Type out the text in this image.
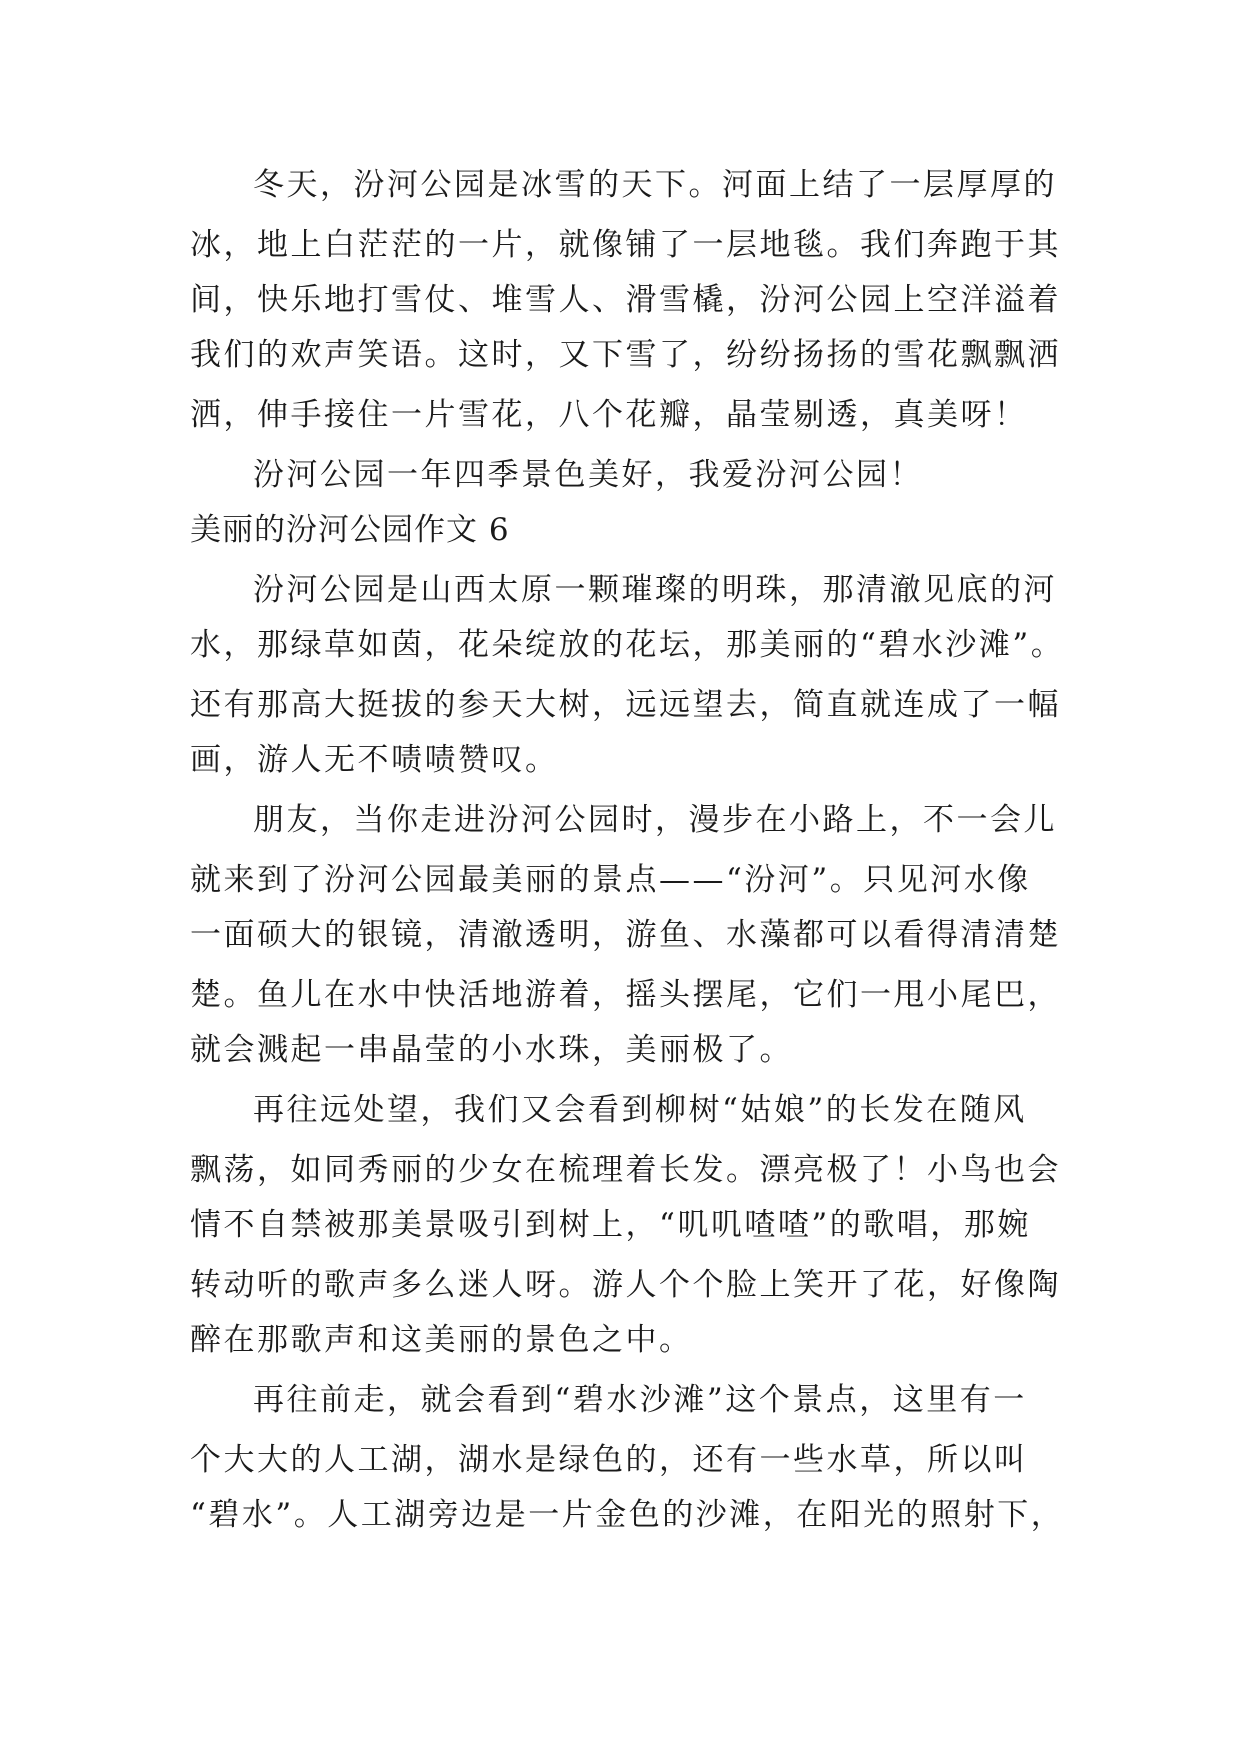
冬天，汾河公园是冰雪的天下。河面上结了一层厚厚的
冰，地上白茫茫的一片，就像铺了一层地毯。我们奔跑于其
间，快乐地打雪仗、堆雪人、滑雪橇，汾河公园上空洋溢着
我们的欢声笑语。这时，又下雪了，纷纷扬扬的雪花飘飘洒
洒，伸手接住一片雪花，八个花瓣，晶莹剔透，真美呀！
汾河公园一年四季景色美好，我爱汾河公园！
美丽的汾河公园作文 6
汾河公园是山西太原一颗璀璨的明珠，那清澈见底的河
水，那绿草如茵，花朵绽放的花坛，那美丽的“碧水沙滩”。
还有那高大挺拔的参天大树，远远望去，简直就连成了一幅
画，游人无不啧啧赞叹。
朋友，当你走进汾河公园时，漫步在小路上，不一会儿
就来到了汾河公园最美丽的景点——“汾河”。只见河水像
一面硕大的银镜，清澈透明，游鱼、水藻都可以看得清清楚
楚。鱼儿在水中快活地游着，摇头摆尾，它们一甩小尾巴，
就会溅起一串晶莹的小水珠，美丽极了。
再往远处望，我们又会看到柳树“姑娘”的长发在随风
飘荡，如同秀丽的少女在梳理着长发。漂亮极了！小鸟也会
情不自禁被那美景吸引到树上，“叽叽喳喳”的歌唱，那婉
转动听的歌声多么迷人呀。游人个个脸上笑开了花，好像陶
醉在那歌声和这美丽的景色之中。
再往前走，就会看到“碧水沙滩”这个景点，这里有一
个大大的人工湖，湖水是绿色的，还有一些水草，所以叫
“碧水”。人工湖旁边是一片金色的沙滩，在阳光的照射下，
